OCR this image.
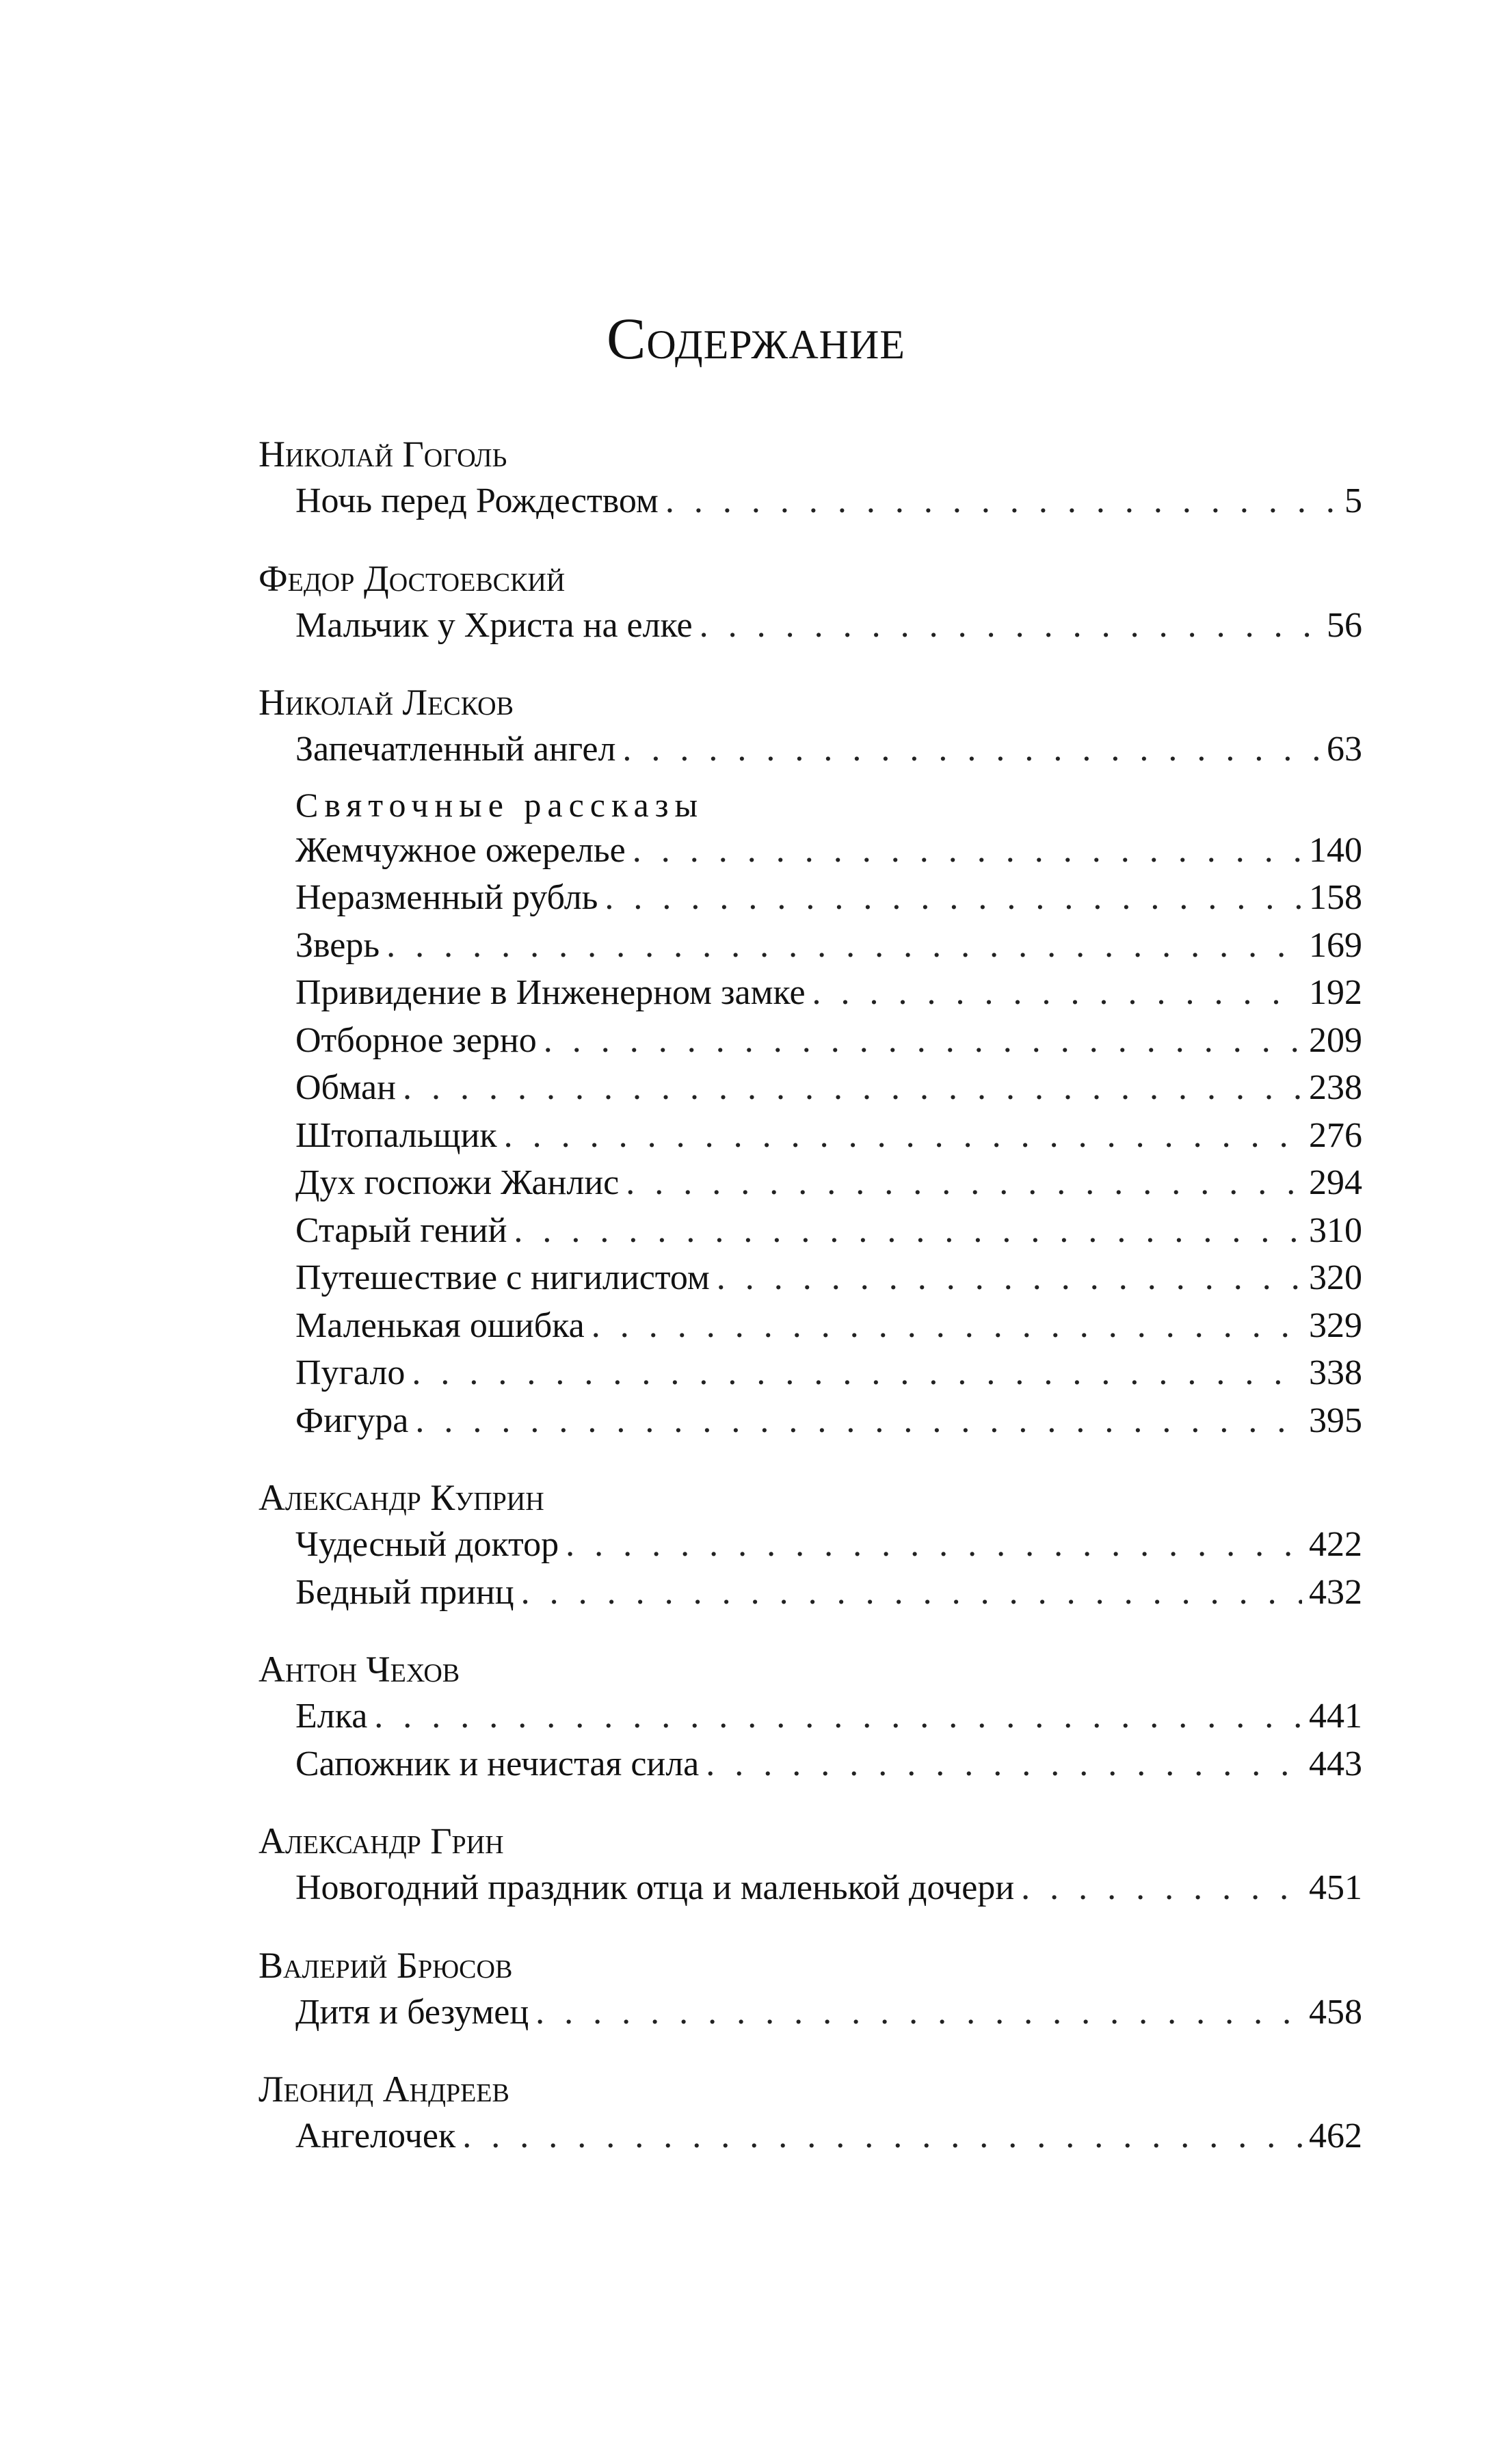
Содержание
Николай Гоголь
Ночь перед Рождеством . . .	5
Федор Достоевский
Мальчик у Христа на елке . . .	56
Николай Лесков
Запечатленный ангел . . .	63
Святочные рассказы
Жемчужное ожерелье . . .	140
Неразменный рубль . . .	158
Зверь . . .	169
Привидение в Инженерном замке . . .	192
Отборное зерно . . .	209
Обман . . .	238
Штопальщик . . .	276
Дух госпожи Жанлис . . .	294
Старый гений . . .	310
Путешествие с нигилистом . . .	320
Маленькая ошибка . . .	329
Пугало . . .	338
Фигура . . .	395
Александр Куприн
Чудесный доктор . . .	422
Бедный принц . . .	432
Антон Чехов
Елка . . .	441
Сапожник и нечистая сила . . .	443
Александр Грин
Новогодний праздник отца и маленькой дочери . . .	451
Валерий Брюсов
Дитя и безумец . . .	458
Леонид Андреев
Ангелочек . . .	462
